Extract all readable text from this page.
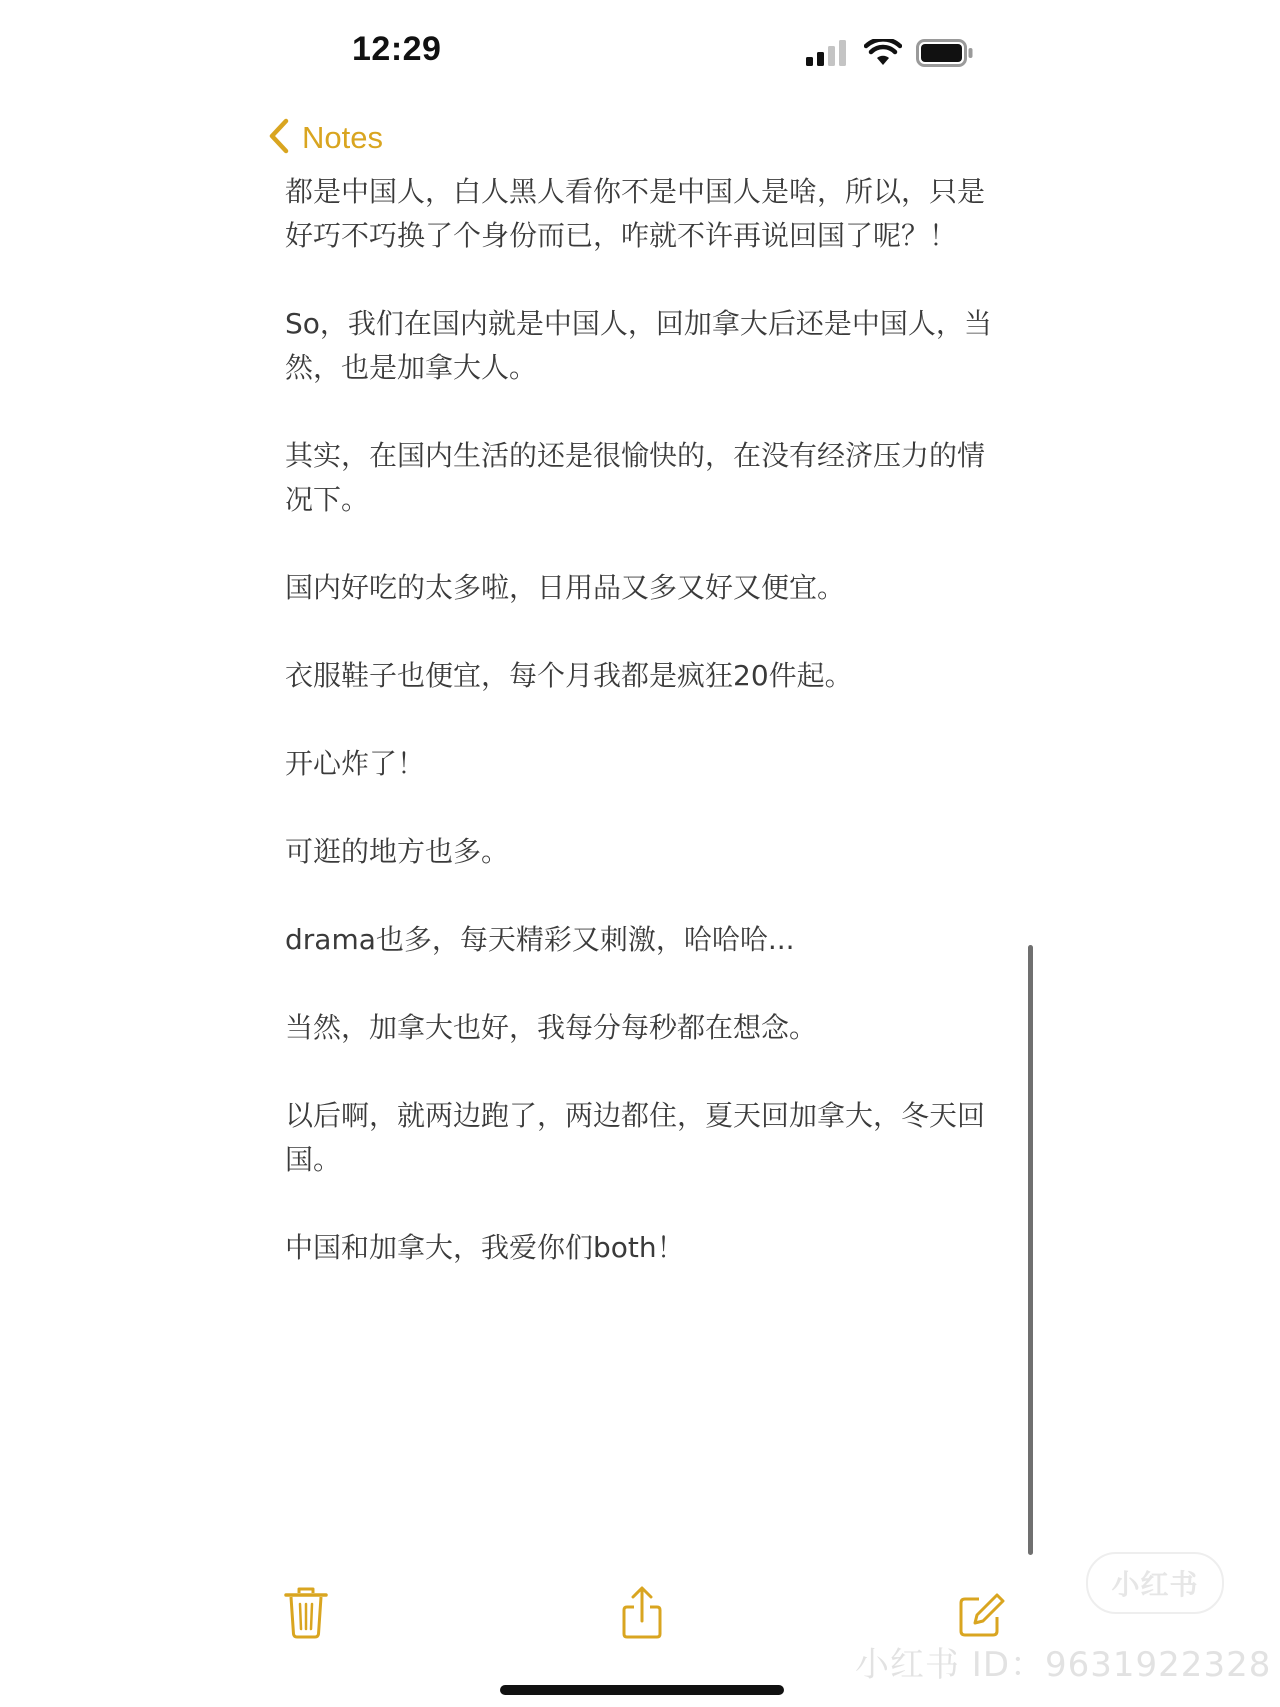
12:29
Notes

都是中国人，白人黑人看你不是中国人是啥，所以，只是好巧不巧换了个身份而已，咋就不许再说回国了呢？！

So，我们在国内就是中国人，回加拿大后还是中国人，当然，也是加拿大人。

其实，在国内生活的还是很愉快的，在没有经济压力的情况下。

国内好吃的太多啦，日用品又多又好又便宜。

衣服鞋子也便宜，每个月我都是疯狂20件起。

开心炸了！

可逛的地方也多。

drama也多，每天精彩又刺激，哈哈哈...

当然，加拿大也好，我每分每秒都在想念。

以后啊，就两边跑了，两边都住，夏天回加拿大，冬天回国。

中国和加拿大，我爱你们both！

小红书
小红书 ID：9631922328
